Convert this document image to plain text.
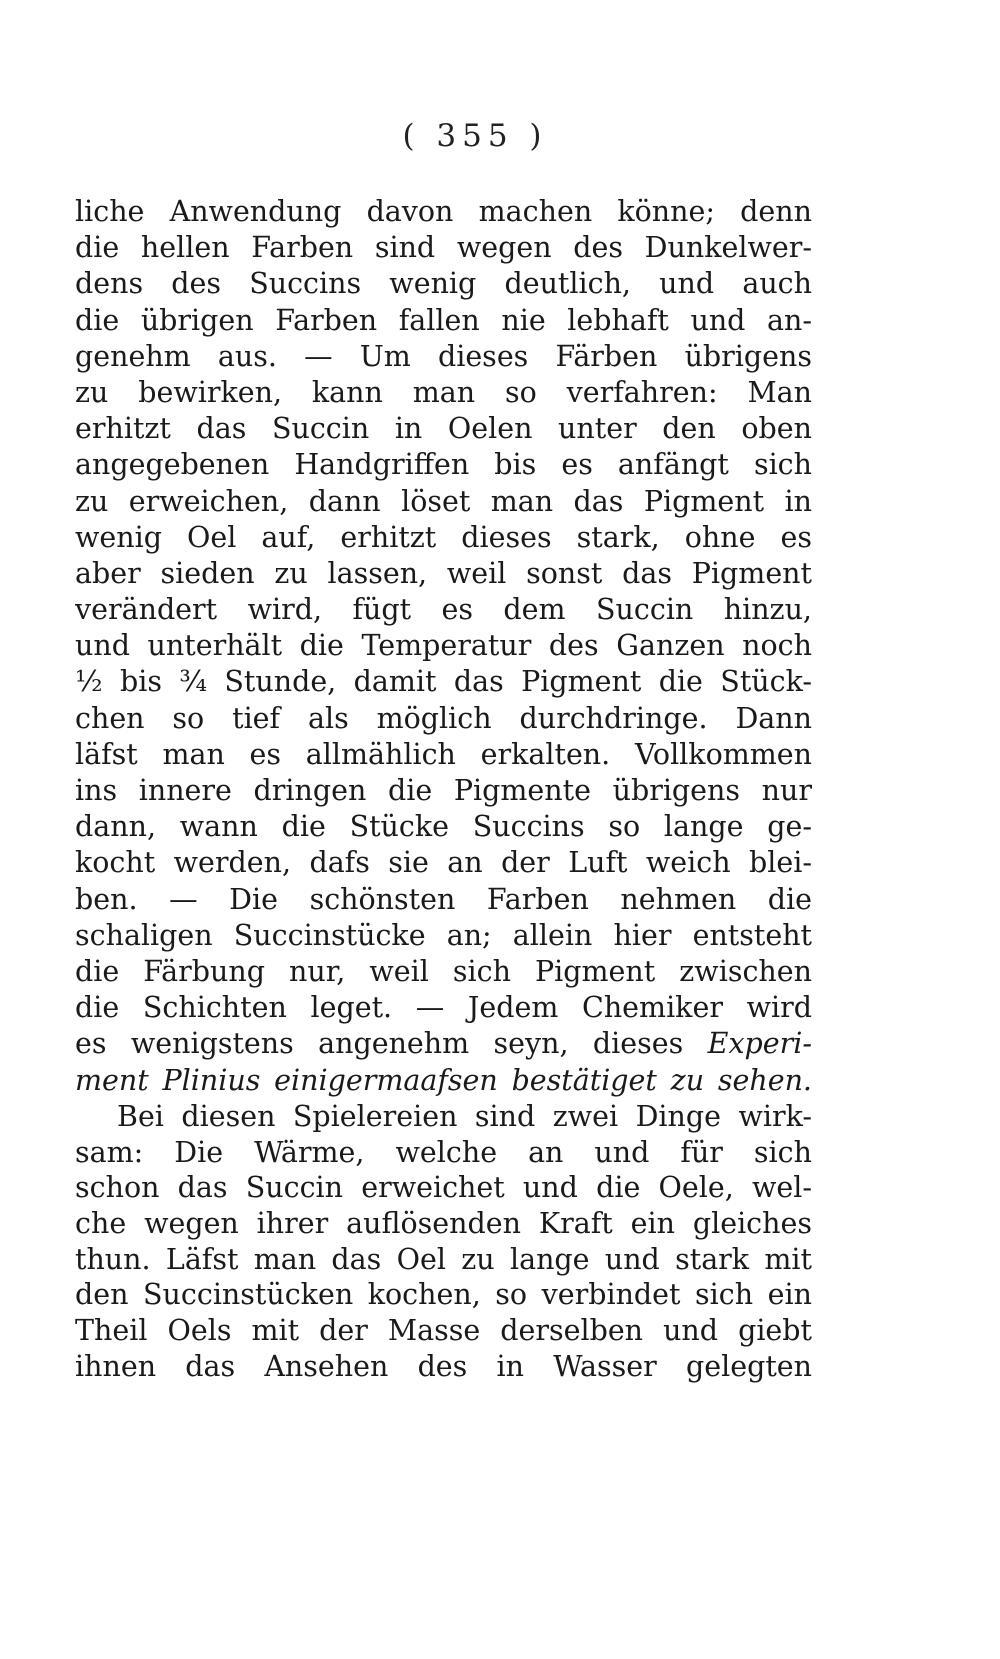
( 355 )
liche Anwendung davon machen könne; denn
die hellen Farben sind wegen des Dunkelwer-
dens des Succins wenig deutlich, und auch
die übrigen Farben fallen nie lebhaft und an-
genehm aus. — Um dieses Färben übrigens
zu bewirken, kann man so verfahren: Man
erhitzt das Succin in Oelen unter den oben
angegebenen Handgriffen bis es anfängt sich
zu erweichen, dann löset man das Pigment in
wenig Oel auf, erhitzt dieses stark, ohne es
aber sieden zu lassen, weil sonst das Pigment
verändert wird, fügt es dem Succin hinzu,
und unterhält die Temperatur des Ganzen noch
½ bis ¾ Stunde, damit das Pigment die Stück-
chen so tief als möglich durchdringe. Dann
läfst man es allmählich erkalten. Vollkommen
ins innere dringen die Pigmente übrigens nur
dann, wann die Stücke Succins so lange ge-
kocht werden, dafs sie an der Luft weich blei-
ben. — Die schönsten Farben nehmen die
schaligen Succinstücke an; allein hier entsteht
die Färbung nur, weil sich Pigment zwischen
die Schichten leget. — Jedem Chemiker wird
es wenigstens angenehm seyn, dieses Experi-
ment Plinius einigermaafsen bestätiget zu sehen.
Bei diesen Spielereien sind zwei Dinge wirk-
sam: Die Wärme, welche an und für sich
schon das Succin erweichet und die Oele, wel-
che wegen ihrer auflösenden Kraft ein gleiches
thun. Läfst man das Oel zu lange und stark mit
den Succinstücken kochen, so verbindet sich ein
Theil Oels mit der Masse derselben und giebt
ihnen das Ansehen des in Wasser gelegten
